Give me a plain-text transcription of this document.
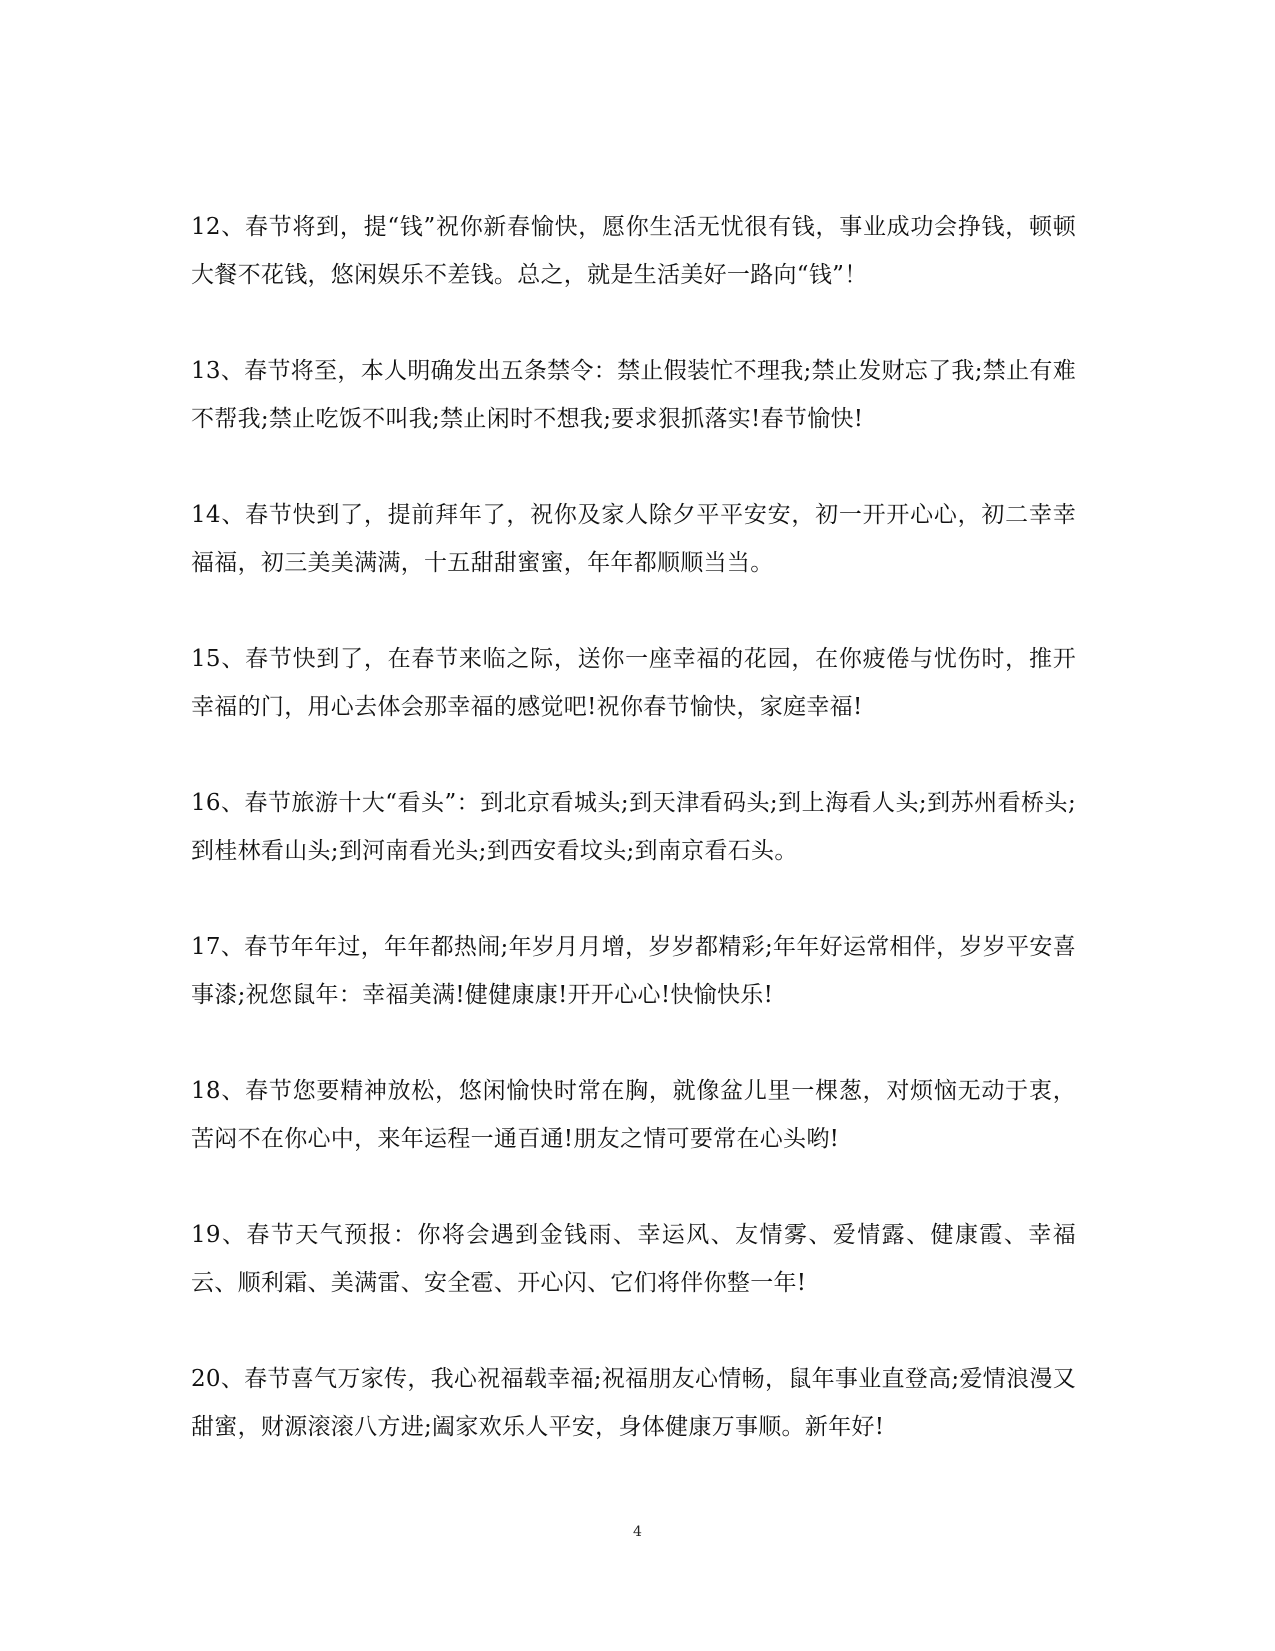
12、春节将到，提“钱”祝你新春愉快，愿你生活无忧很有钱，事业成功会挣钱，顿顿大餐不花钱，悠闲娱乐不差钱。总之，就是生活美好一路向“钱”！

13、春节将至，本人明确发出五条禁令：禁止假装忙不理我;禁止发财忘了我;禁止有难不帮我;禁止吃饭不叫我;禁止闲时不想我;要求狠抓落实!春节愉快!

14、春节快到了，提前拜年了，祝你及家人除夕平平安安，初一开开心心，初二幸幸福福，初三美美满满，十五甜甜蜜蜜，年年都顺顺当当。

15、春节快到了，在春节来临之际，送你一座幸福的花园，在你疲倦与忧伤时，推开幸福的门，用心去体会那幸福的感觉吧!祝你春节愉快，家庭幸福!

16、春节旅游十大“看头”：到北京看城头;到天津看码头;到上海看人头;到苏州看桥头;到桂林看山头;到河南看光头;到西安看坟头;到南京看石头。

17、春节年年过，年年都热闹;年岁月月增，岁岁都精彩;年年好运常相伴，岁岁平安喜事漆;祝您鼠年：幸福美满!健健康康!开开心心!快愉快乐!

18、春节您要精神放松，悠闲愉快时常在胸，就像盆儿里一棵葱，对烦恼无动于衷，苦闷不在你心中，来年运程一通百通!朋友之情可要常在心头哟!

19、春节天气预报：你将会遇到金钱雨、幸运风、友情雾、爱情露、健康霞、幸福云、顺利霜、美满雷、安全雹、开心闪、它们将伴你整一年!

20、春节喜气万家传，我心祝福载幸福;祝福朋友心情畅，鼠年事业直登高;爱情浪漫又甜蜜，财源滚滚八方进;阖家欢乐人平安，身体健康万事顺。新年好!

4
